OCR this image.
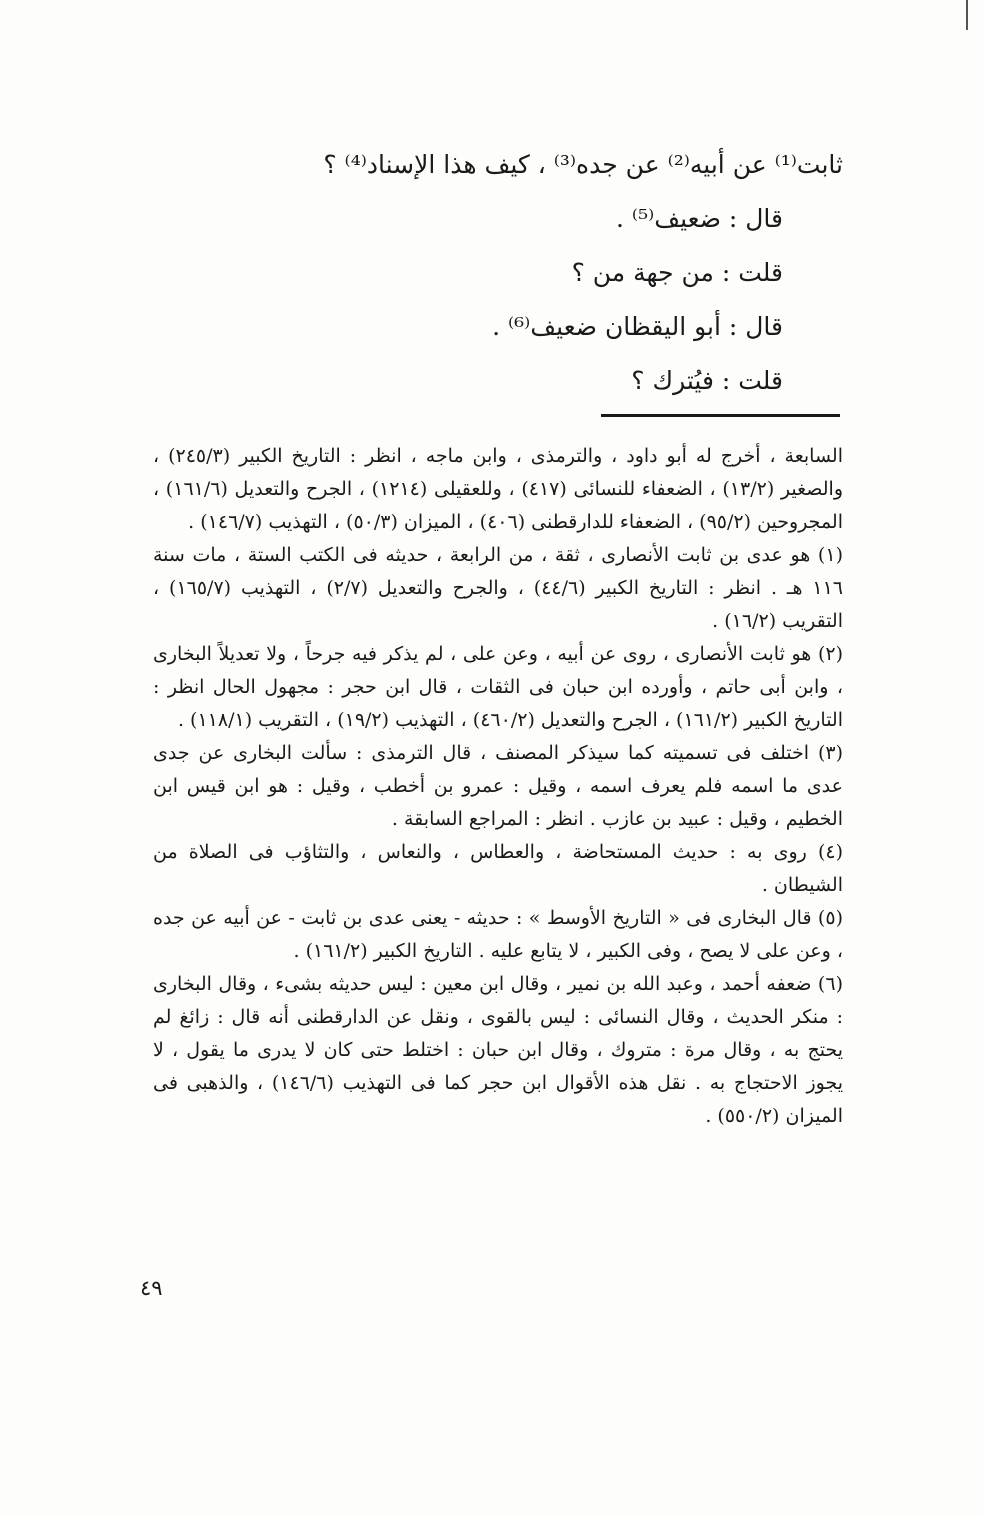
ثابت⁽¹⁾ عن أبيه⁽²⁾ عن جده⁽³⁾ ، كيف هذا الإسناد⁽⁴⁾ ؟
قال : ضعيف⁽⁵⁾ .
قلت : من جهة من ؟
قال : أبو اليقظان ضعيف⁽⁶⁾ .
قلت : فيُترك ؟

السابعة ، أخرج له أبو داود ، والترمذى ، وابن ماجه ، انظر : التاريخ الكبير (٢٤٥/٣) ، والصغير (١٣/٢) ، الضعفاء للنسائى (٤١٧) ، وللعقيلى (١٢١٤) ، الجرح والتعديل (١٦١/٦) ، المجروحين (٩٥/٢) ، الضعفاء للدارقطنى (٤٠٦) ، الميزان (٥٠/٣) ، التهذيب (١٤٦/٧) .

(١) هو عدى بن ثابت الأنصارى ، ثقة ، من الرابعة ، حديثه فى الكتب الستة ، مات سنة ١١٦ هـ . انظر : التاريخ الكبير (٤٤/٦) ، والجرح والتعديل (٢/٧) ، التهذيب (١٦٥/٧) ، التقريب (١٦/٢) .

(٢) هو ثابت الأنصارى ، روى عن أبيه ، وعن على ، لم يذكر فيه جرحاً ، ولا تعديلاً البخارى ، وابن أبى حاتم ، وأورده ابن حبان فى الثقات ، قال ابن حجر : مجهول الحال انظر : التاريخ الكبير (١٦١/٢) ، الجرح والتعديل (٤٦٠/٢) ، التهذيب (١٩/٢) ، التقريب (١١٨/١) .

(٣) اختلف فى تسميته كما سيذكر المصنف ، قال الترمذى : سألت البخارى عن جدى عدى ما اسمه فلم يعرف اسمه ، وقيل : عمرو بن أخطب ، وقيل : هو ابن قيس ابن الخطيم ، وقيل : عبيد بن عازب . انظر : المراجع السابقة .

(٤) روى به : حديث المستحاضة ، والعطاس ، والنعاس ، والتثاؤب فى الصلاة من الشيطان .

(٥) قال البخارى فى « التاريخ الأوسط » : حديثه - يعنى عدى بن ثابت - عن أبيه عن جده ، وعن على لا يصح ، وفى الكبير ، لا يتابع عليه . التاريخ الكبير (١٦١/٢) .

(٦) ضعفه أحمد ، وعبد الله بن نمير ، وقال ابن معين : ليس حديثه بشىء ، وقال البخارى : منكر الحديث ، وقال النسائى : ليس بالقوى ، ونقل عن الدارقطنى أنه قال : زائغ لم يحتج به ، وقال مرة : متروك ، وقال ابن حبان : اختلط حتى كان لا يدرى ما يقول ، لا يجوز الاحتجاج به . نقل هذه الأقوال ابن حجر كما فى التهذيب (١٤٦/٦) ، والذهبى فى الميزان (٥٥٠/٢) .

٤٩
